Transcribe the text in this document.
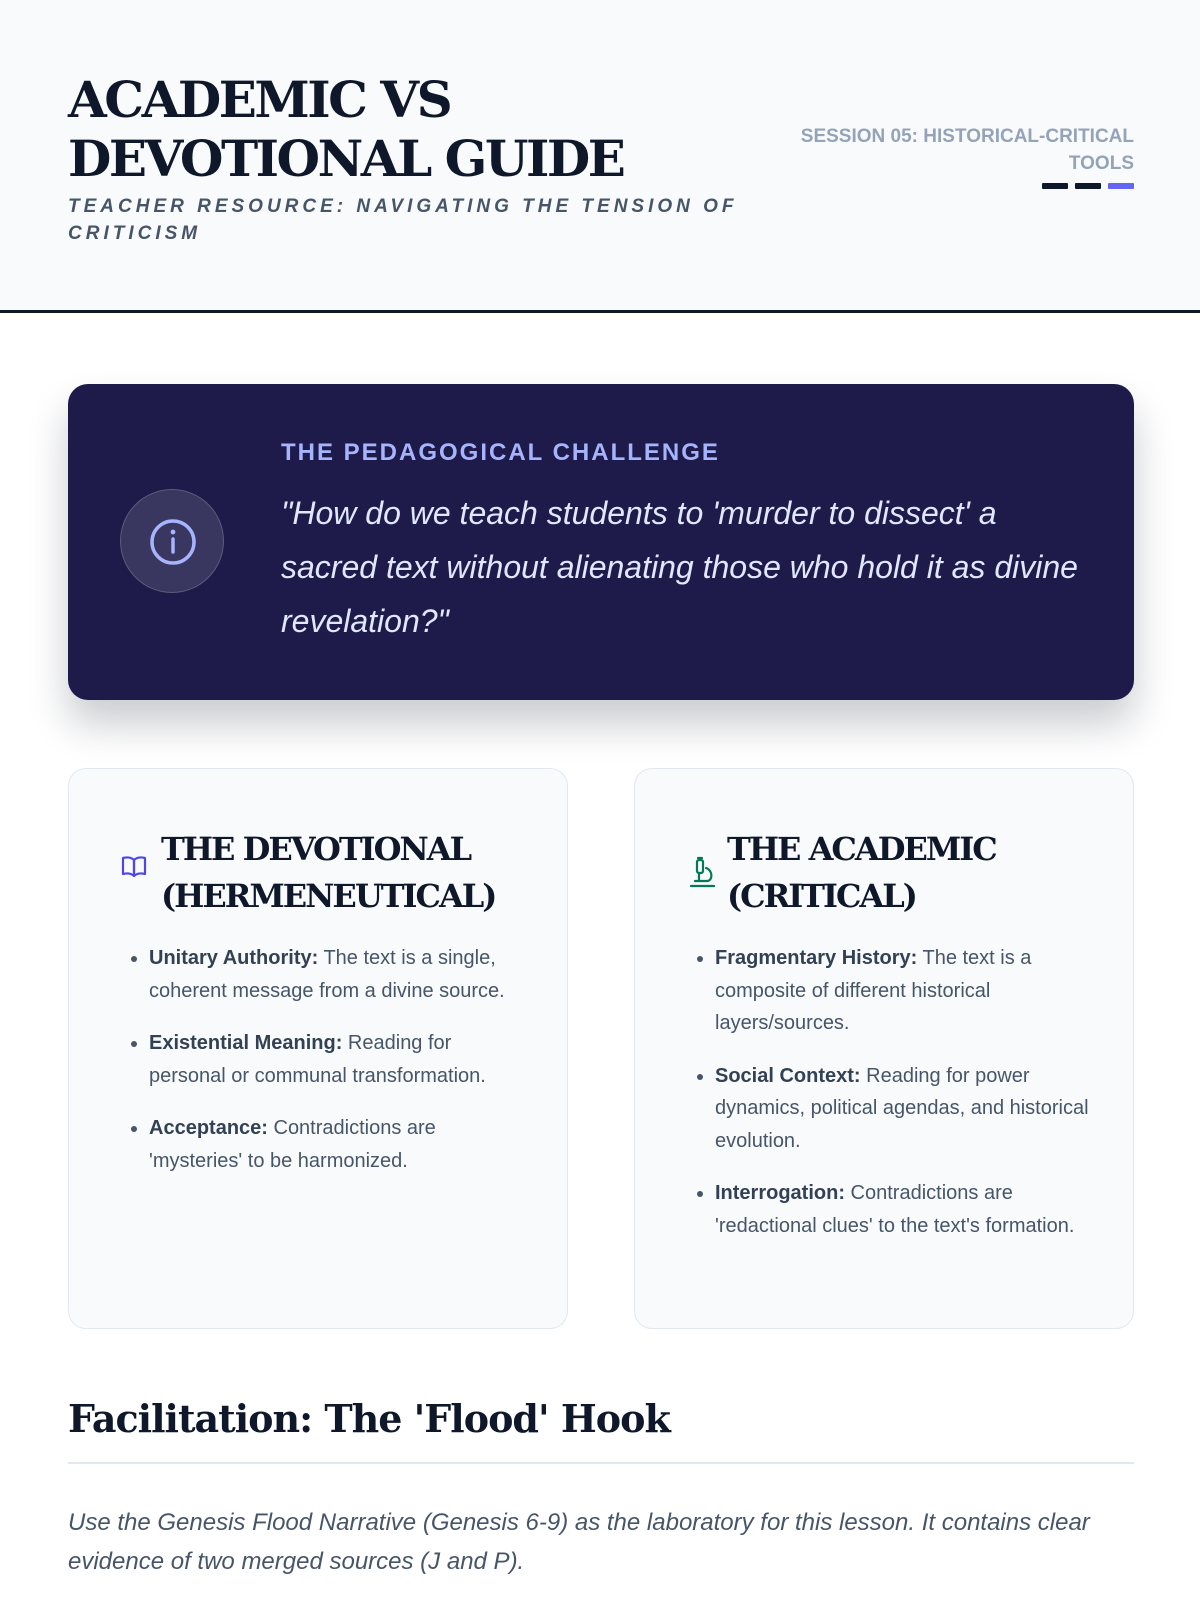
ACADEMIC VS DEVOTIONAL GUIDE

TEACHER RESOURCE: NAVIGATING THE TENSION OF CRITICISM

SESSION 05: HISTORICAL-CRITICAL TOOLS
THE PEDAGOGICAL CHALLENGE

"How do we teach students to 'murder to dissect' a sacred text without alienating those who hold it as divine revelation?"

THE DEVOTIONAL (HERMENEUTICAL)
• Unitary Authority: The text is a single, coherent message from a divine source.
• Existential Meaning: Reading for personal or communal transformation.
• Acceptance: Contradictions are 'mysteries' to be harmonized.
THE ACADEMIC (CRITICAL)
• Fragmentary History: The text is a composite of different historical layers/sources.
• Social Context: Reading for power dynamics, political agendas, and historical evolution.
• Interrogation: Contradictions are 'redactional clues' to the text's formation.
Facilitation: The 'Flood' Hook

Use the Genesis Flood Narrative (Genesis 6-9) as the laboratory for this lesson. It contains clear evidence of two merged sources (J and P).
